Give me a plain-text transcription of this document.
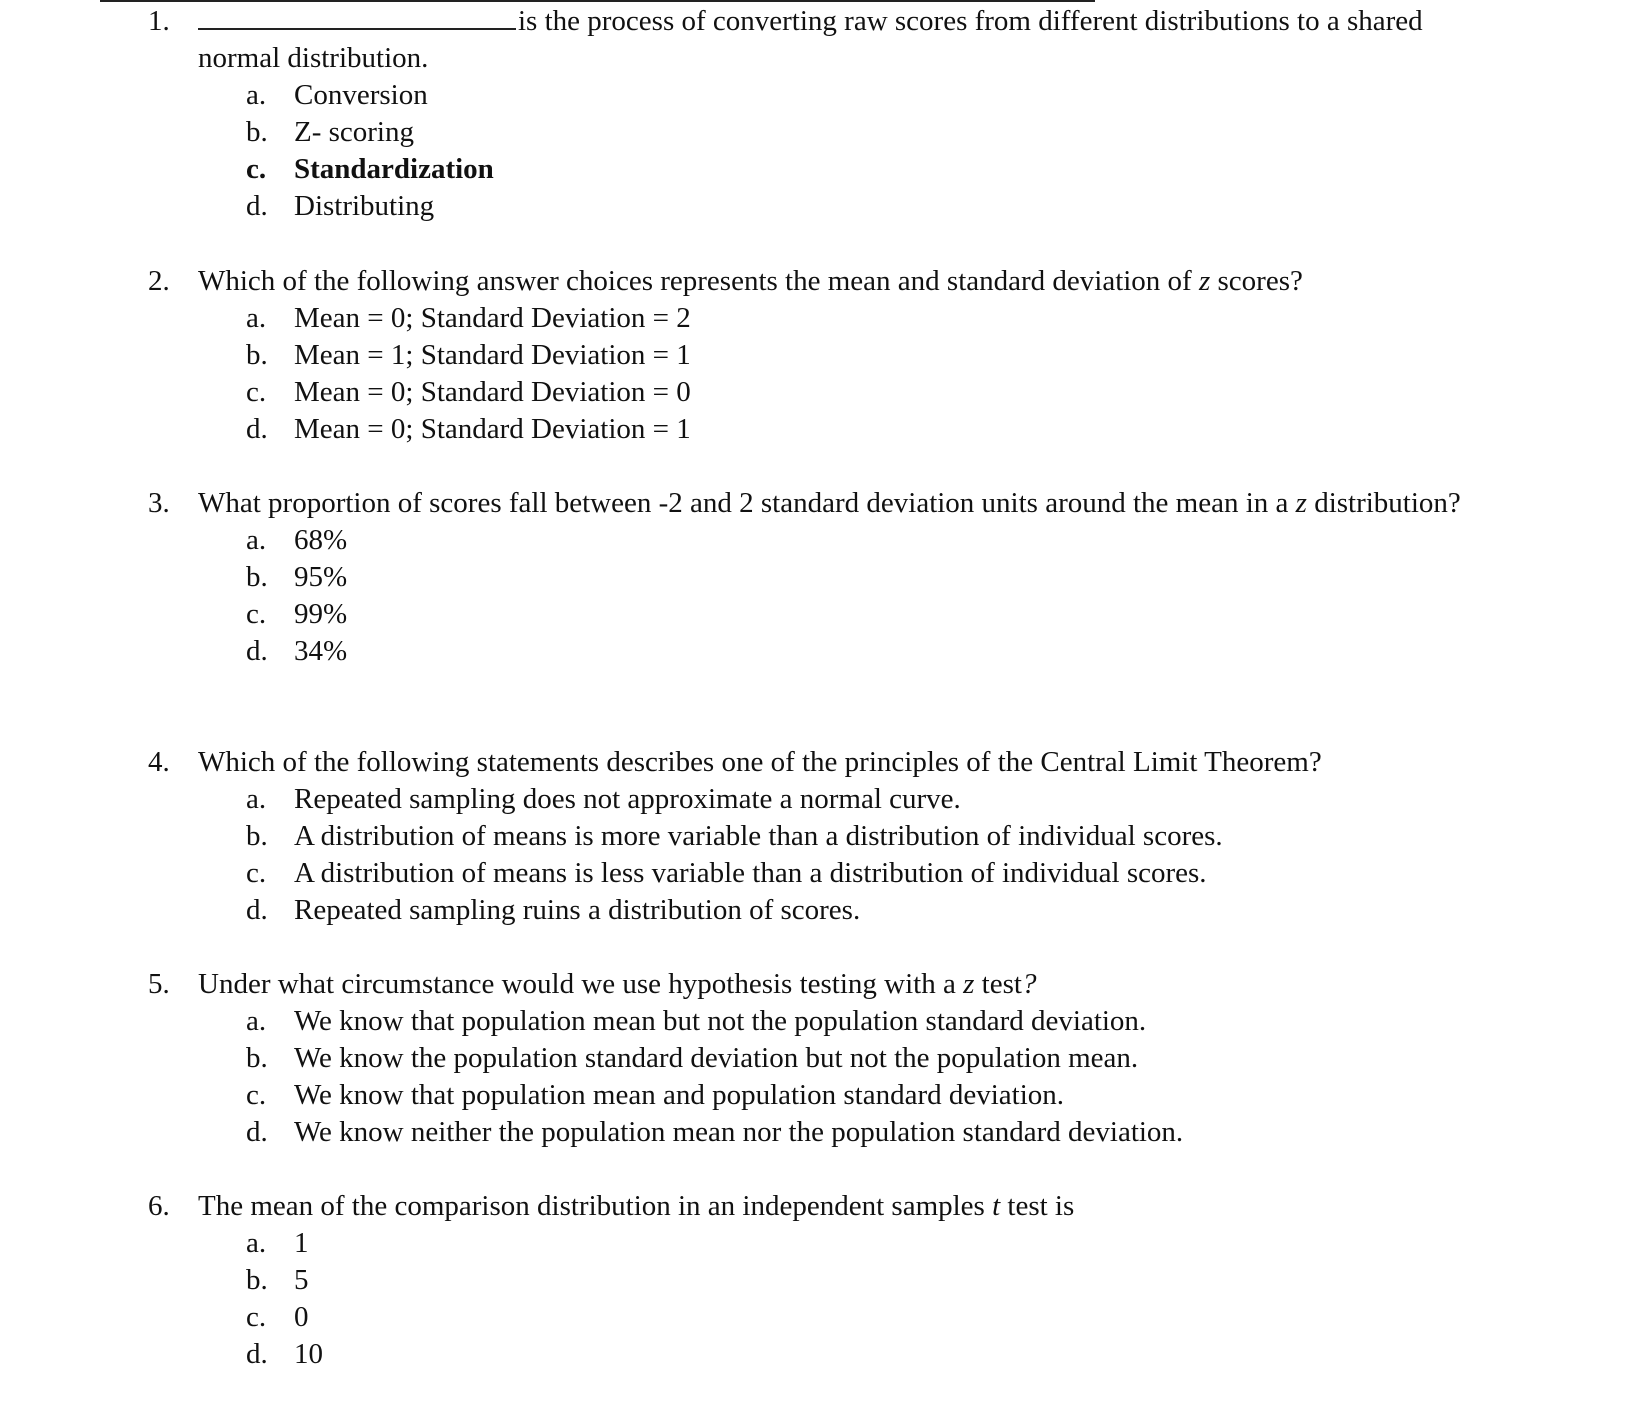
1.	is the process of converting raw scores from different distributions to a shared normal distribution.
a. Conversion
b. Z- scoring
c. Standardization
d. Distributing
2. Which of the following answer choices represents the mean and standard deviation of z scores?
a. Mean = 0; Standard Deviation = 2
b. Mean = 1; Standard Deviation = 1
c. Mean = 0; Standard Deviation = 0
d. Mean = 0; Standard Deviation = 1
3. What proportion of scores fall between -2 and 2 standard deviation units around the mean in a z distribution?
a. 68%
b. 95%
c. 99%
d. 34%
4. Which of the following statements describes one of the principles of the Central Limit Theorem?
a. Repeated sampling does not approximate a normal curve.
b. A distribution of means is more variable than a distribution of individual scores.
c. A distribution of means is less variable than a distribution of individual scores.
d. Repeated sampling ruins a distribution of scores.
5. Under what circumstance would we use hypothesis testing with a z test?
a. We know that population mean but not the population standard deviation.
b. We know the population standard deviation but not the population mean.
c. We know that population mean and population standard deviation.
d. We know neither the population mean nor the population standard deviation.
6. The mean of the comparison distribution in an independent samples t test is
a. 1
b. 5
c. 0
d. 10
